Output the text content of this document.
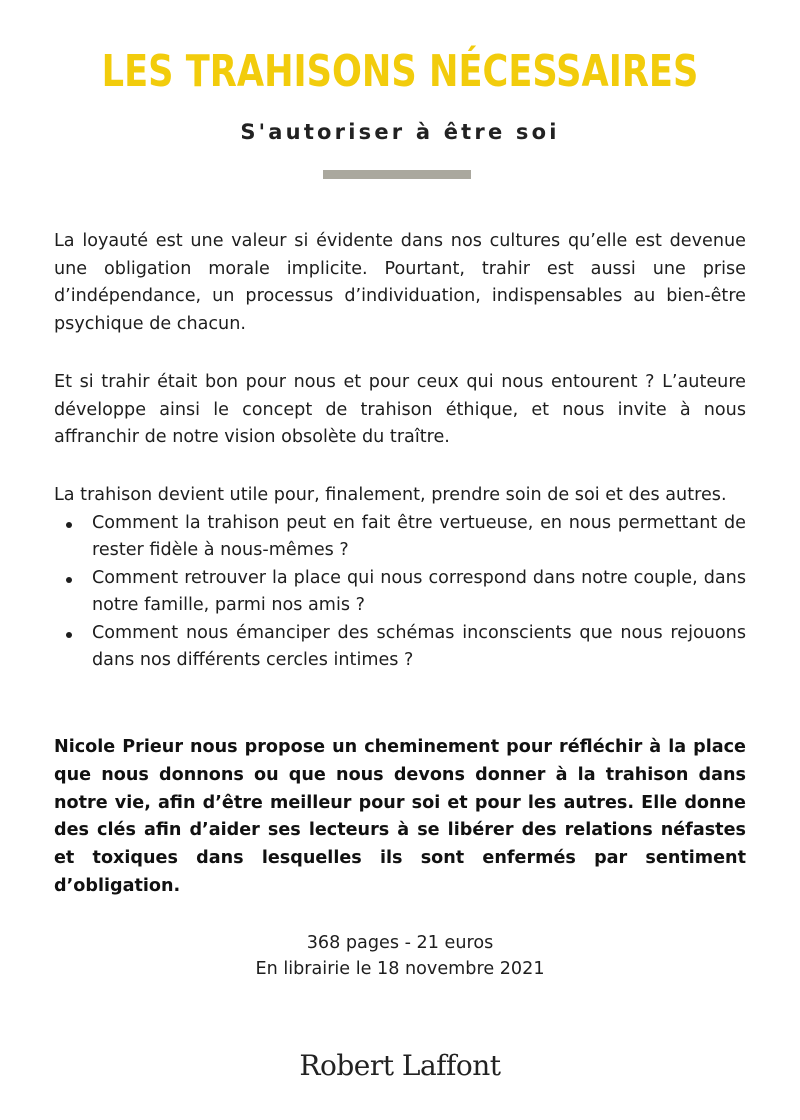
LES TRAHISONS NÉCESSAIRES
S'autoriser à être soi
La loyauté est une valeur si évidente dans nos cultures qu’elle est devenue une obligation morale implicite. Pourtant, trahir est aussi une prise d’indépendance, un processus d’individuation, indispensables au bien-être psychique de chacun.
Et si trahir était bon pour nous et pour ceux qui nous entourent ? L’auteure développe ainsi le concept de trahison éthique, et nous invite à nous affranchir de notre vision obsolète du traître.

La trahison devient utile pour, finalement, prendre soin de soi et des autres.

Comment la trahison peut en fait être vertueuse, en nous permettant de rester fidèle à nous-mêmes ?
Comment retrouver la place qui nous correspond dans notre couple, dans notre famille, parmi nos amis ?
Comment nous émanciper des schémas inconscients que nous rejouons dans nos différents cercles intimes ?
Nicole Prieur nous propose un cheminement pour réfléchir à la place que nous donnons ou que nous devons donner à la trahison dans notre vie, afin d’être meilleur pour soi et pour les autres. Elle donne des clés afin d’aider ses lecteurs à se libérer des relations néfastes et toxiques dans lesquelles ils sont enfermés par sentiment d’obligation.
368 pages - 21 euros
En librairie le 18 novembre 2021
Robert Laffont
